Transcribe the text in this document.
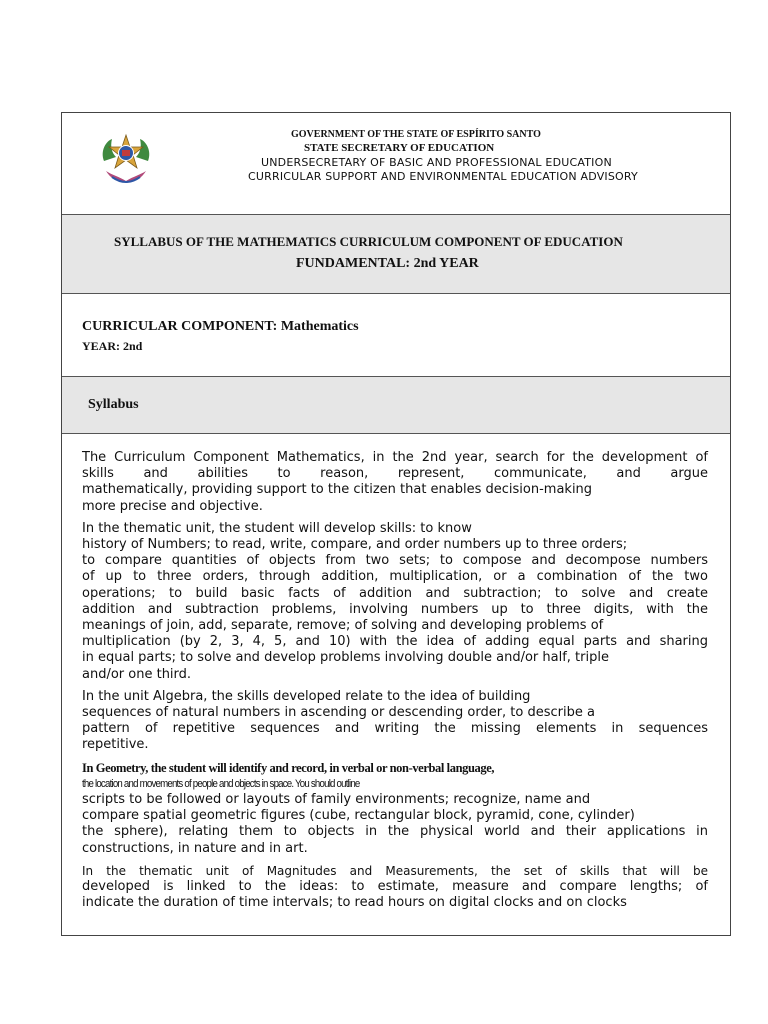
GOVERNMENT OF THE STATE OF ESPÍRITO SANTO
STATE SECRETARY OF EDUCATION
UNDERSECRETARY OF BASIC AND PROFESSIONAL EDUCATION
CURRICULAR SUPPORT AND ENVIRONMENTAL EDUCATION ADVISORY
SYLLABUS OF THE MATHEMATICS CURRICULUM COMPONENT OF EDUCATION
FUNDAMENTAL: 2nd YEAR
CURRICULAR COMPONENT: Mathematics
YEAR: 2nd
Syllabus

The Curriculum Component Mathematics, in the 2nd year, search for the development of
skills and abilities to reason, represent, communicate, and argue
mathematically, providing support to the citizen that enables decision-making
more precise and objective.

In the thematic unit, the student will develop skills: to know
history of Numbers; to read, write, compare, and order numbers up to three orders;
to compare quantities of objects from two sets; to compose and decompose numbers
of up to three orders, through addition, multiplication, or a combination of the two
operations; to build basic facts of addition and subtraction; to solve and create
addition and subtraction problems, involving numbers up to three digits, with the
meanings of join, add, separate, remove; of solving and developing problems of
multiplication (by 2, 3, 4, 5, and 10) with the idea of adding equal parts and sharing
in equal parts; to solve and develop problems involving double and/or half, triple
and/or one third.

In the unit Algebra, the skills developed relate to the idea of building
sequences of natural numbers in ascending or descending order, to describe a
pattern of repetitive sequences and writing the missing elements in sequences
repetitive.

In Geometry, the student will identify and record, in verbal or non-verbal language,
the location and movements of people and objects in space. You should outline
scripts to be followed or layouts of family environments; recognize, name and
compare spatial geometric figures (cube, rectangular block, pyramid, cone, cylinder)
the sphere), relating them to objects in the physical world and their applications in
constructions, in nature and in art.

In the thematic unit of Magnitudes and Measurements, the set of skills that will be
developed is linked to the ideas: to estimate, measure and compare lengths; of
indicate the duration of time intervals; to read hours on digital clocks and on clocks
